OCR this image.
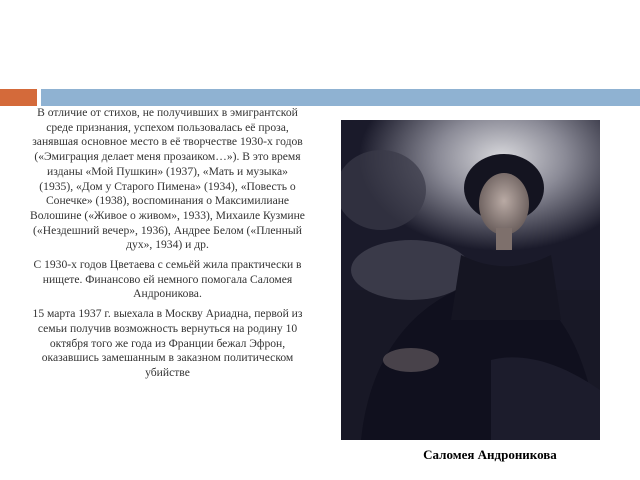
В отличие от стихов, не получивших в эмигрантской среде признания, успехом пользовалась её проза, занявшая основное место в её творчестве 1930-х годов («Эмиграция делает меня прозаиком…»). В это время изданы «Мой Пушкин» (1937), «Мать и музыка» (1935), «Дом у Старого Пимена» (1934), «Повесть о Сонечке» (1938), воспоминания о Максимилиане Волошине («Живое о живом», 1933), Михаиле Кузмине («Нездешний вечер», 1936), Андрее Белом («Пленный дух», 1934) и др.

С 1930-х годов Цветаева с семьёй жила практически в нищете. Финансово ей немного помогала Саломея Андроникова.

15 марта 1937 г. выехала в Москву Ариадна, первой из семьи получив возможность вернуться на родину 10 октября того же года из Франции бежал Эфрон, оказавшись замешанным в заказном политическом убийстве

Саломея Андроникова
